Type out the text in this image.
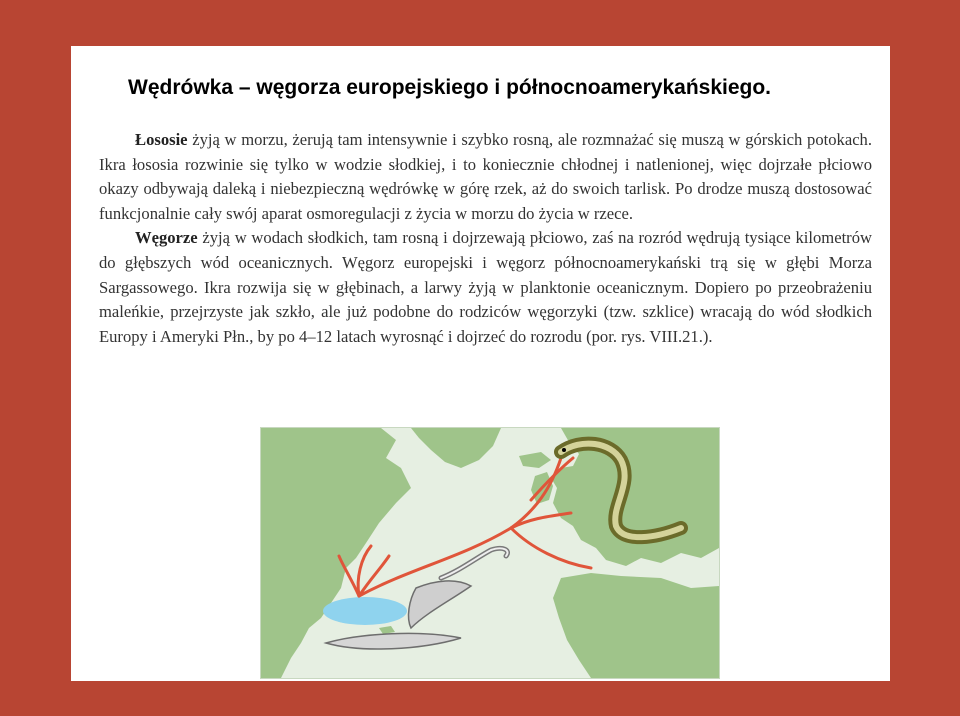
Wędrówka – węgorza europejskiego i północnoamerykańskiego.

Łososie żyją w morzu, żerują tam intensywnie i szybko rosną, ale rozmnażać się muszą w górskich potokach. Ikra łososia rozwinie się tylko w wodzie słodkiej, i to koniecznie chłodnej i natlenionej, więc dojrzałe płciowo okazy odbywają daleką i niebezpieczną wędrówkę w górę rzek, aż do swoich tarlisk. Po drodze muszą dostosować funkcjonalnie cały swój aparat osmoregulacji z życia w morzu do życia w rzece.

Węgorze żyją w wodach słodkich, tam rosną i dojrzewają płciowo, zaś na rozród wędrują tysiące kilometrów do głębszych wód oceanicznych. Węgorz europejski i węgorz północnoamerykański trą się w głębi Morza Sargassowego. Ikra rozwija się w głębinach, a larwy żyją w planktonie oceanicznym. Dopiero po przeobrażeniu maleńkie, przejrzyste jak szkło, ale już podobne do rodziców węgorzyki (tzw. szklice) wracają do wód słodkich Europy i Ameryki Płn., by po 4–12 latach wyrosnąć i dojrzeć do rozrodu (por. rys. VIII.21.).
